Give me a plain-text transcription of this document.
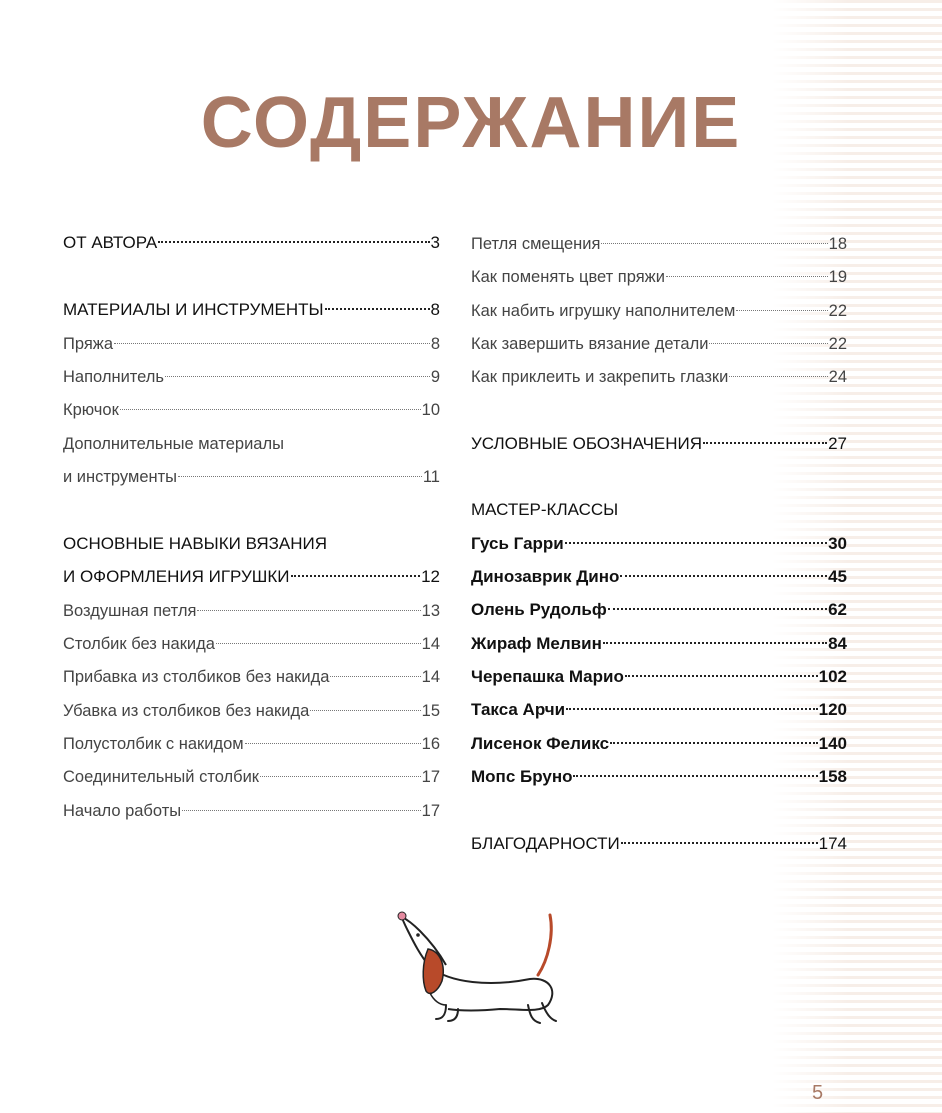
СОДЕРЖАНИЕ
ОТ АВТОРА	3
МАТЕРИАЛЫ И ИНСТРУМЕНТЫ	8
Пряжа	8
Наполнитель	9
Крючок	10
Дополнительные материалы
и инструменты	11
ОСНОВНЫЕ НАВЫКИ ВЯЗАНИЯ
И ОФОРМЛЕНИЯ ИГРУШКИ	12
Воздушная петля	13
Столбик без накида	14
Прибавка из столбиков без накида	14
Убавка из столбиков без накида	15
Полустолбик с накидом	16
Соединительный столбик	17
Начало работы	17
Петля смещения	18
Как поменять цвет пряжи	19
Как набить игрушку наполнителем	22
Как завершить вязание детали	22
Как приклеить и закрепить глазки	24
УСЛОВНЫЕ ОБОЗНАЧЕНИЯ	27
МАСТЕР-КЛАССЫ
Гусь Гарри	30
Динозаврик Дино	45
Олень Рудольф	62
Жираф Мелвин	84
Черепашка Марио	102
Такса Арчи	120
Лисенок Феликс	140
Мопс Бруно	158
БЛАГОДАРНОСТИ	174
5
